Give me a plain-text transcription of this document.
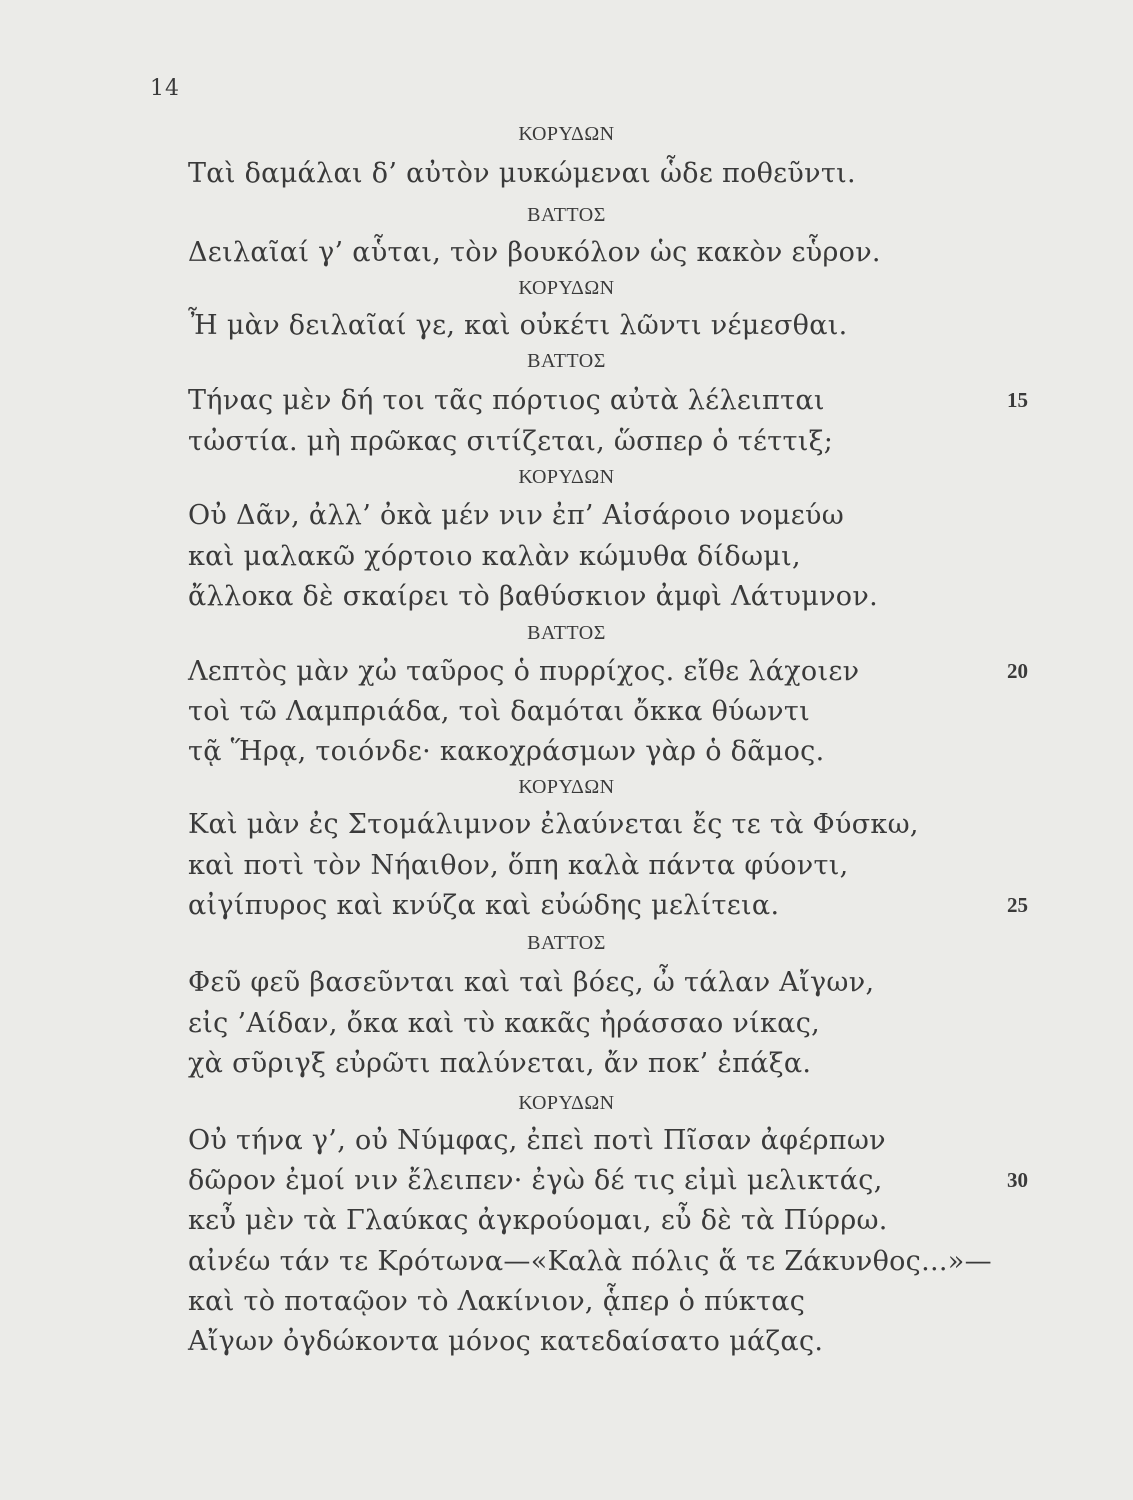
14
ΚΟΡΥΔΩΝ
Ταὶ δαμάλαι δ’ αὐτὸν μυκώμεναι ὧδε ποθεῦντι.
ΒΑΤΤΟΣ
Δειλαῖαί γ’ αὗται, τὸν βουκόλον ὡς κακὸν εὗρον.
ΚΟΡΥΔΩΝ
Ἦ μὰν δειλαῖαί γε, καὶ οὐκέτι λῶντι νέμεσθαι.
ΒΑΤΤΟΣ
Τήνας μὲν δή τοι τᾶς πόρτιος αὐτὰ λέλειπται	15
τὠστία. μὴ πρῶκας σιτίζεται, ὥσπερ ὁ τέττιξ;
ΚΟΡΥΔΩΝ
Οὐ Δᾶν, ἀλλ’ ὀκὰ μέν νιν ἐπ’ Αἰσάροιο νομεύω
καὶ μαλακῶ χόρτοιο καλὰν κώμυθα δίδωμι,
ἄλλοκα δὲ σκαίρει τὸ βαθύσκιον ἀμφὶ Λάτυμνον.
ΒΑΤΤΟΣ
Λεπτὸς μὰν χὠ ταῦρος ὁ πυρρίχος. εἴθε λάχοιεν	20
τοὶ τῶ Λαμπριάδα, τοὶ δαμόται ὄκκα θύωντι
τᾷ Ἥρᾳ, τοιόνδε· κακοχράσμων γὰρ ὁ δᾶμος.
ΚΟΡΥΔΩΝ
Καὶ μὰν ἐς Στομάλιμνον ἐλαύνεται ἔς τε τὰ Φύσκω,
καὶ ποτὶ τὸν Νήαιθον, ὅπη καλὰ πάντα φύοντι,
αἰγίπυρος καὶ κνύζα καὶ εὐώδης μελίτεια.	25
ΒΑΤΤΟΣ
Φεῦ φεῦ βασεῦνται καὶ ταὶ βόες, ὦ τάλαν Αἴγων,
εἰς ’Αίδαν, ὄκα καὶ τὺ κακᾶς ἠράσσαο νίκας,
χὰ σῦριγξ εὐρῶτι παλύνεται, ἄν ποκ’ ἐπάξα.
ΚΟΡΥΔΩΝ
Οὐ τήνα γ’, οὐ Νύμφας, ἐπεὶ ποτὶ Πῖσαν ἀφέρπων
δῶρον ἐμοί νιν ἔλειπεν· ἐγὼ δέ τις εἰμὶ μελικτάς,	30
κεὖ μὲν τὰ Γλαύκας ἀγκρούομαι, εὖ δὲ τὰ Πύρρω.
αἰνέω τάν τε Κρότωνα—«Καλὰ πόλις ἅ τε Ζάκυνθος...»—
καὶ τὸ ποταῷον τὸ Λακίνιον, ᾇπερ ὁ πύκτας
Αἴγων ὀγδώκοντα μόνος κατεδαίσατο μάζας.
